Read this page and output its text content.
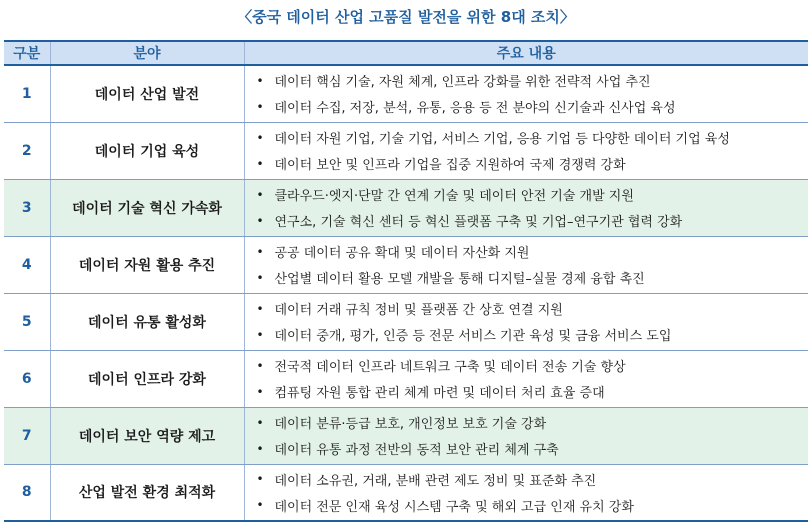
〈중국 데이터 산업 고품질 발전을 위한 8대 조치〉
구분	분야	주요 내용
1	데이터 산업 발전	• 데이터 핵심 기술, 자원 체계, 인프라 강화를 위한 전략적 사업 추진
• 데이터 수집, 저장, 분석, 유통, 응용 등 전 분야의 신기술과 신사업 육성

2	데이터 기업 육성	• 데이터 자원 기업, 기술 기업, 서비스 기업, 응용 기업 등 다양한 데이터 기업 육성
• 데이터 보안 및 인프라 기업을 집중 지원하여 국제 경쟁력 강화

3	데이터 기술 혁신 가속화	• 클라우드·엣지·단말 간 연계 기술 및 데이터 안전 기술 개발 지원
• 연구소, 기술 혁신 센터 등 혁신 플랫폼 구축 및 기업–연구기관 협력 강화

4	데이터 자원 활용 추진	• 공공 데이터 공유 확대 및 데이터 자산화 지원
• 산업별 데이터 활용 모델 개발을 통해 디지털–실물 경제 융합 촉진

5	데이터 유통 활성화	• 데이터 거래 규칙 정비 및 플랫폼 간 상호 연결 지원
• 데이터 중개, 평가, 인증 등 전문 서비스 기관 육성 및 금융 서비스 도입

6	데이터 인프라 강화	• 전국적 데이터 인프라 네트워크 구축 및 데이터 전송 기술 향상
• 컴퓨팅 자원 통합 관리 체계 마련 및 데이터 처리 효율 증대

7	데이터 보안 역량 제고	• 데이터 분류·등급 보호, 개인정보 보호 기술 강화
• 데이터 유통 과정 전반의 동적 보안 관리 체계 구축

8	산업 발전 환경 최적화	• 데이터 소유권, 거래, 분배 관련 제도 정비 및 표준화 추진
• 데이터 전문 인재 육성 시스템 구축 및 해외 고급 인재 유치 강화
